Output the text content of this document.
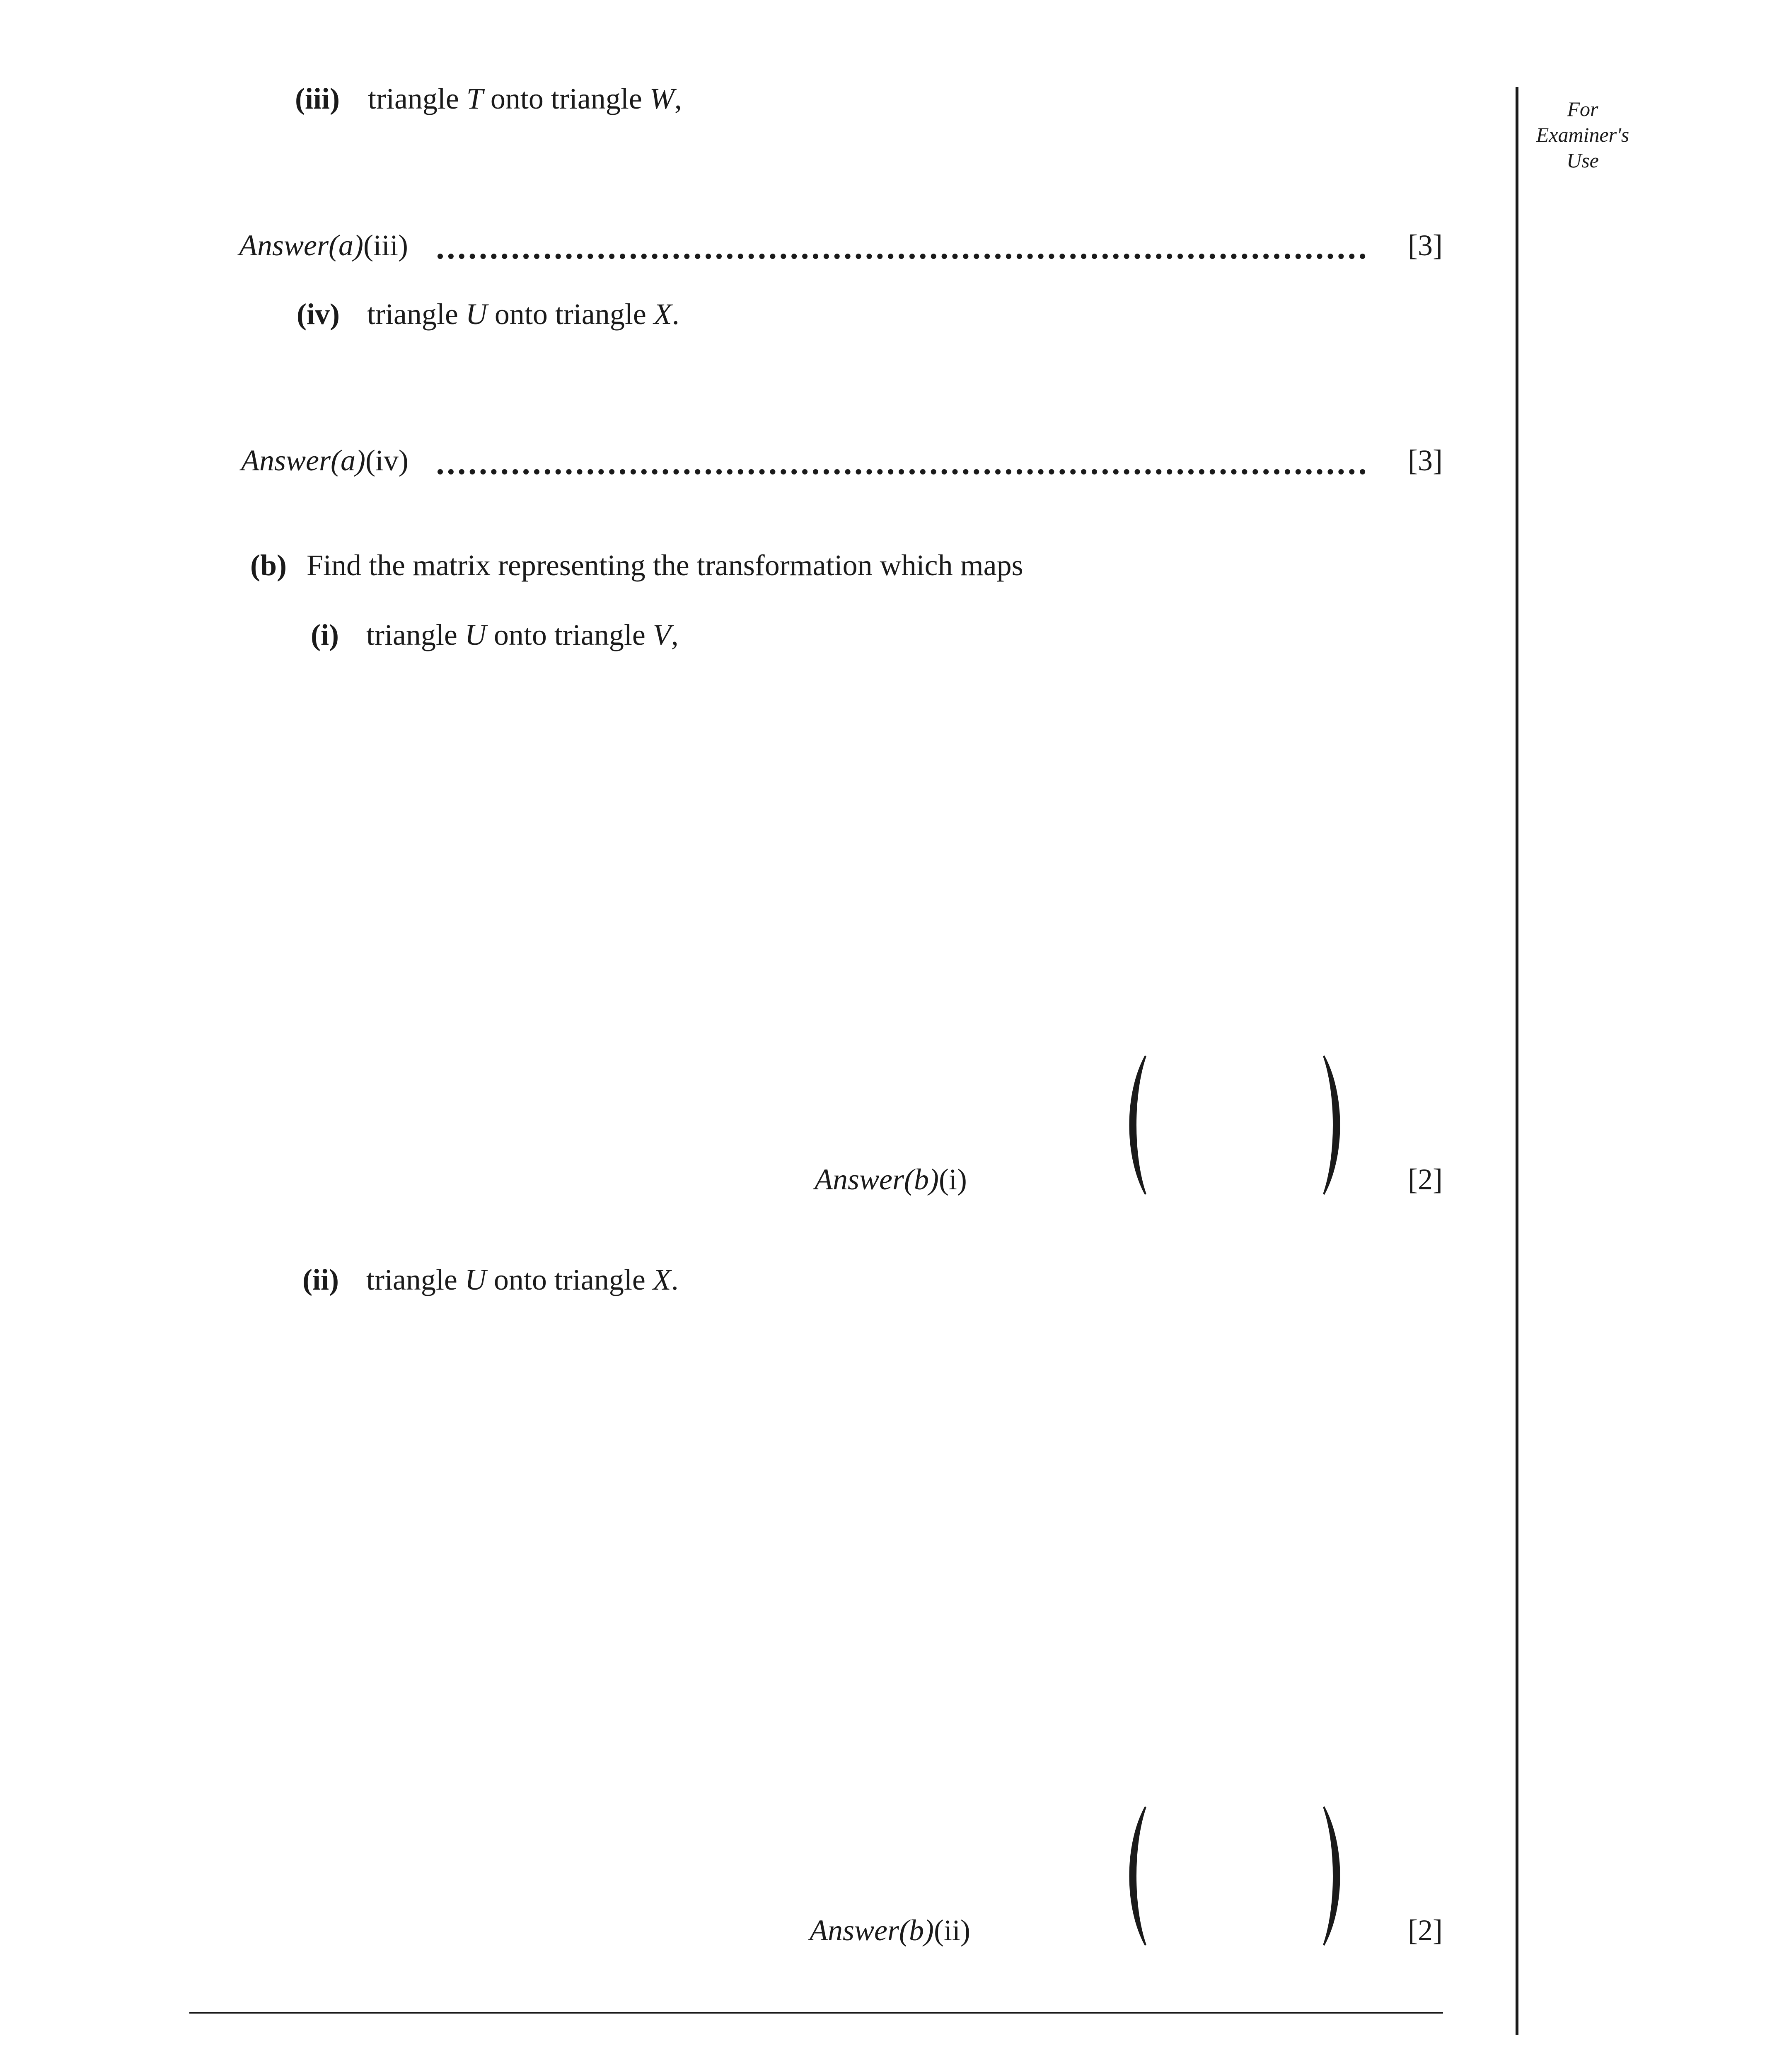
For
Examiner's
Use
(iii) triangle T onto triangle W,
Answer(a)(iii)	[3]
(iv) triangle U onto triangle X.
Answer(a)(iv)	[3]
(b) Find the matrix representing the transformation which maps
(i) triangle U onto triangle V,
Answer(b)(i)	[2]
(ii) triangle U onto triangle X.
Answer(b)(ii)	[2]
